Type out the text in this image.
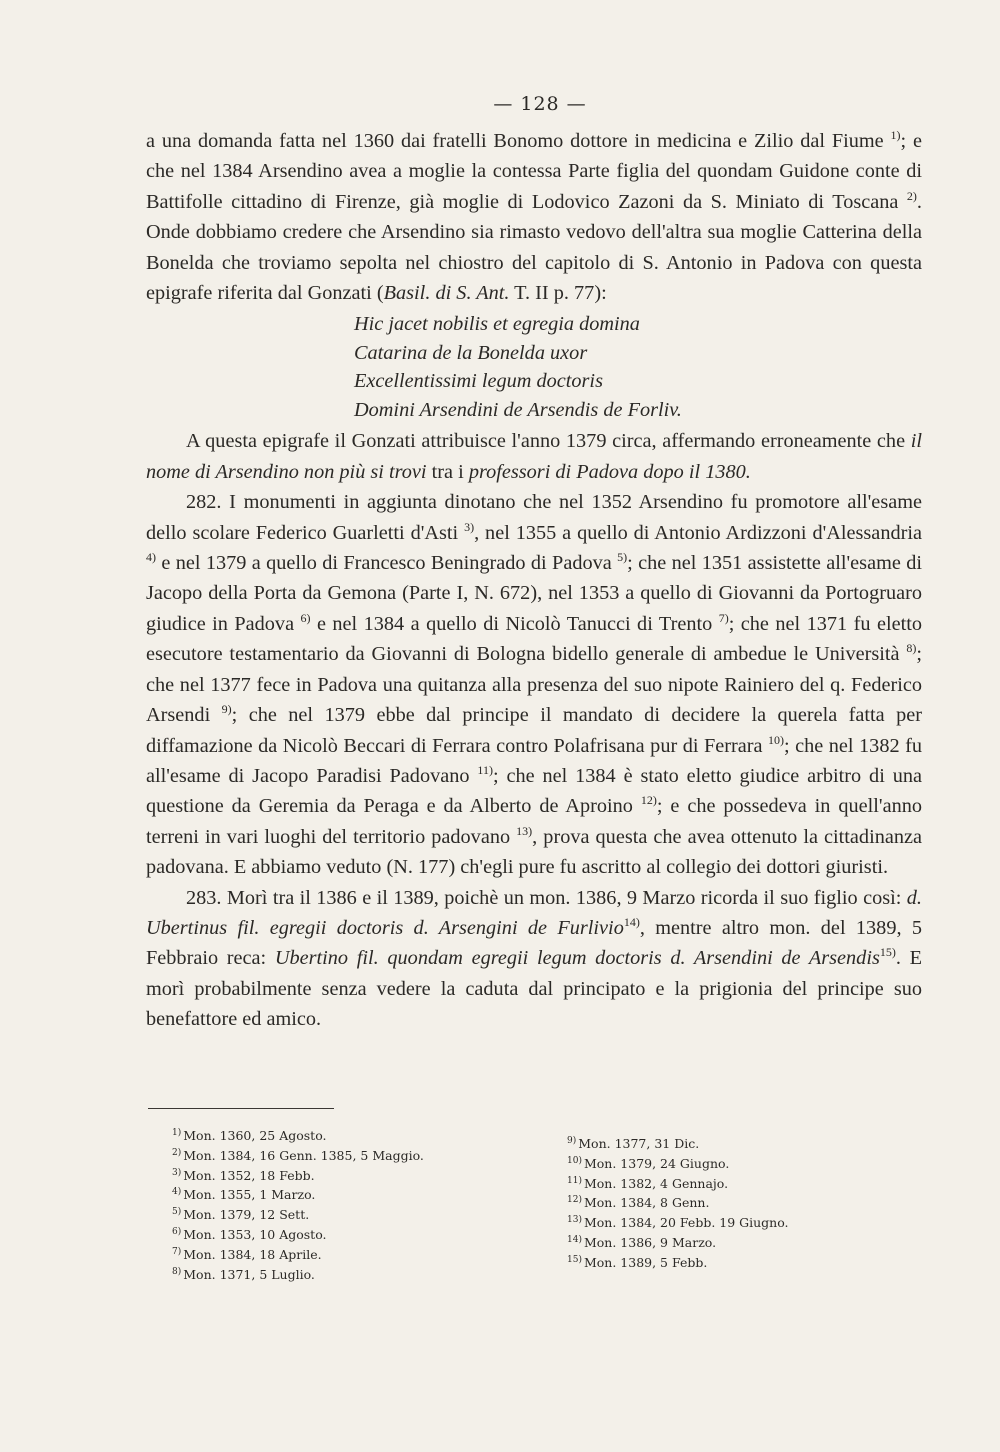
— 128 —

a una domanda fatta nel 1360 dai fratelli Bonomo dottore in medicina e Zilio dal Fiume $^{1)}$; e che nel 1384 Arsendino avea a moglie la contessa Parte figlia del quondam Guidone conte di Battifolle cittadino di Firenze, già moglie di Lodovico Zazoni da S. Miniato di Toscana $^{2)}$. Onde dobbiamo credere che Arsendino sia rimasto vedovo dell'altra sua moglie Catterina della Bonelda che troviamo sepolta nel chiostro del capitolo di S. Antonio in Padova con questa epigrafe riferita dal Gonzati (Basil. di S. Ant. T. II p. 77):

Hic jacet nobilis et egregia domina
Catarina de la Bonelda uxor
Excellentissimi legum doctoris
Domini Arsendini de Arsendis de Forliv.

A questa epigrafe il Gonzati attribuisce l'anno 1379 circa, affermando erroneamente che il nome di Arsendino non più si trovi tra i professori di Padova dopo il 1380.

282. I monumenti in aggiunta dinotano che nel 1352 Arsendino fu promotore all'esame dello scolare Federico Guarletti d'Asti $^{3)}$, nel 1355 a quello di Antonio Ardizzoni d'Alessandria $^{4)}$ e nel 1379 a quello di Francesco Beningrado di Padova $^{5)}$; che nel 1351 assistette all'esame di Jacopo della Porta da Gemona (Parte I, N. 672), nel 1353 a quello di Giovanni da Portogruaro giudice in Padova $^{6)}$ e nel 1384 a quello di Nicolò Tanucci di Trento $^{7)}$; che nel 1371 fu eletto esecutore testamentario da Giovanni di Bologna bidello generale di ambedue le Università $^{8)}$; che nel 1377 fece in Padova una quitanza alla presenza del suo nipote Rainiero del q. Federico Arsendi $^{9)}$; che nel 1379 ebbe dal principe il mandato di decidere la querela fatta per diffamazione da Nicolò Beccari di Ferrara contro Polafrisana pur di Ferrara $^{10)}$; che nel 1382 fu all'esame di Jacopo Paradisi Padovano $^{11)}$; che nel 1384 è stato eletto giudice arbitro di una questione da Geremia da Peraga e da Alberto de Aproino $^{12)}$; e che possedeva in quell'anno terreni in vari luoghi del territorio padovano $^{13)}$, prova questa che avea ottenuto la cittadinanza padovana. E abbiamo veduto (N. 177) ch'egli pure fu ascritto al collegio dei dottori giuristi.

283. Morì tra il 1386 e il 1389, poichè un mon. 1386, 9 Marzo ricorda il suo figlio così: d. Ubertinus fil. egregii doctoris d. Arsengini de Furlivio$^{14)}$, mentre altro mon. del 1389, 5 Febbraio reca: Ubertino fil. quondam egregii legum doctoris d. Arsendini de Arsendis$^{15)}$. E morì probabilmente senza vedere la caduta dal principato e la prigionia del principe suo benefattore ed amico.

$^{1)}$ Mon. 1360, 25 Agosto.
$^{2)}$ Mon. 1384, 16 Genn. 1385, 5 Maggio.
$^{3)}$ Mon. 1352, 18 Febb.
$^{4)}$ Mon. 1355, 1 Marzo.
$^{5)}$ Mon. 1379, 12 Sett.
$^{6)}$ Mon. 1353, 10 Agosto.
$^{7)}$ Mon. 1384, 18 Aprile.
$^{8)}$ Mon. 1371, 5 Luglio.
$^{9)}$ Mon. 1377, 31 Dic.
$^{10)}$ Mon. 1379, 24 Giugno.
$^{11)}$ Mon. 1382, 4 Gennajo.
$^{12)}$ Mon. 1384, 8 Genn.
$^{13)}$ Mon. 1384, 20 Febb. 19 Giugno.
$^{14)}$ Mon. 1386, 9 Marzo.
$^{15)}$ Mon. 1389, 5 Febb.
